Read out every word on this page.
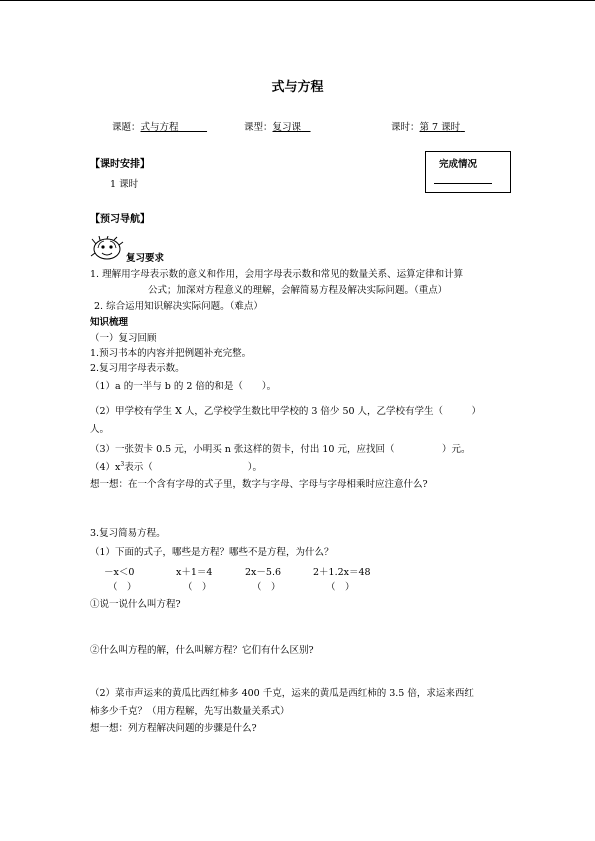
式与方程
课题：式与方程   	课型：复习课 	课时：第 7 课时 
【课时安排】
1 课时
完成情况
【预习导航】
复习要求
1. 理解用字母表示数的意义和作用，会用字母表示数和常见的数量关系、运算定律和计算
公式；加深对方程意义的理解，会解简易方程及解决实际问题。（重点）
2. 综合运用知识解决实际问题。（难点）
知识梳理
（一）复习回顾
1.预习书本的内容并把例题补充完整。
2.复习用字母表示数。
（1）a 的一半与 b 的 2 倍的和是（　　）。
（2）甲学校有学生 X 人，乙学校学生数比甲学校的 3 倍少 50 人，乙学校有学生（　　　）
人。
（3）一张贺卡 0.5 元，小明买 n 张这样的贺卡，付出 10 元，应找回（　　　　　）元。
$(4)x^3$表示（　　　　　　　　　　）。
想一想：在一个含有字母的式子里，数字与字母、字母与字母相乘时应注意什么?
3.复习简易方程。
（1）下面的式子，哪些是方程？哪些不是方程，为什么？
－x＜0	x＋1＝4	2x－5.6	2＋1.2x＝48
（　）	（　）	（　）	（　）
①说一说什么叫方程?
②什么叫方程的解，什么叫解方程？它们有什么区别?
（2）菜市声运来的黄瓜比西红柿多 400 千克，运来的黄瓜是西红柿的 3.5 倍，求运来西红
柿多少千克？（用方程解，先写出数量关系式）
想一想：列方程解决问题的步骤是什么?
